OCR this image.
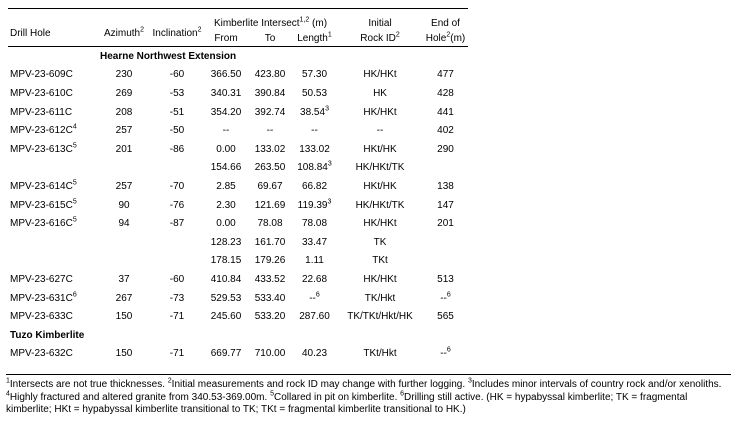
Drill Hole	Azimuth$^2$	Inclination$^2$	Kimberlite Intersect$^{1,2}$ (m)			Initial	End of
			From	To	Length$^1$	Rock $ID^2$	Hole$^2$(m)
Hearne Northwest Extension							
MPV-23-609C	230	-60	366.50	423.80	57.30	HK/HKt	477
MPV-23-610C	269	-53	340.31	390.84	50.53	HK	428
MPV-23-611C	208	-51	354.20	392.74	38.54$^3$	HK/HKt	441
MPV-$23-612C^4$	257	-50	--	--	--	--	402
MPV-$23-613C^5$	201	-86	0.00	133.02	133.02	HKt/HK	290
			154.66	263.50	108.84$^3$	HK/HKt/TK	
MPV-$23-614C^5$	257	-70	2.85	69.67	66.82	HKt/HK	138
MPV-$23-615C^5$	90	-76	2.30	121.69	119.39$^3$	HK/HKt/TK	147
MPV-$23-616C^5$	94	-87	0.00	78.08	78.08	HK/HKt	201
			128.23	161.70	33.47	TK	
			178.15	179.26	1.11	TKt	
MPV-23-627C	37	-60	410.84	433.52	22.68	HK/HKt	513
MPV-$23-631C^6$	267	-73	529.53	533.40	--$^6$	TK/Hkt	--$^6$
MPV-23-633C	150	-71	245.60	533.20	287.60	TK/TKt/Hkt/HK	565
Tuzo Kimberlite							
MPV-23-632C	150	-71	669.77	710.00	40.23	TKt/Hkt	--$^6$
$^1$Intersects are not true thicknesses. $^2$Initial measurements and rock ID may change with further logging. $^3$Includes minor intervals of country rock and/or xenoliths. $^4$Highly fractured and altered granite from 340.53-369.00m. $^5$Collared in pit on kimberlite. $^6$Drilling still active. (HK = hypabyssal kimberlite; TK = fragmental kimberlite; HKt = hypabyssal kimberlite transitional to TK; TKt = fragmental kimberlite transitional to HK.)
